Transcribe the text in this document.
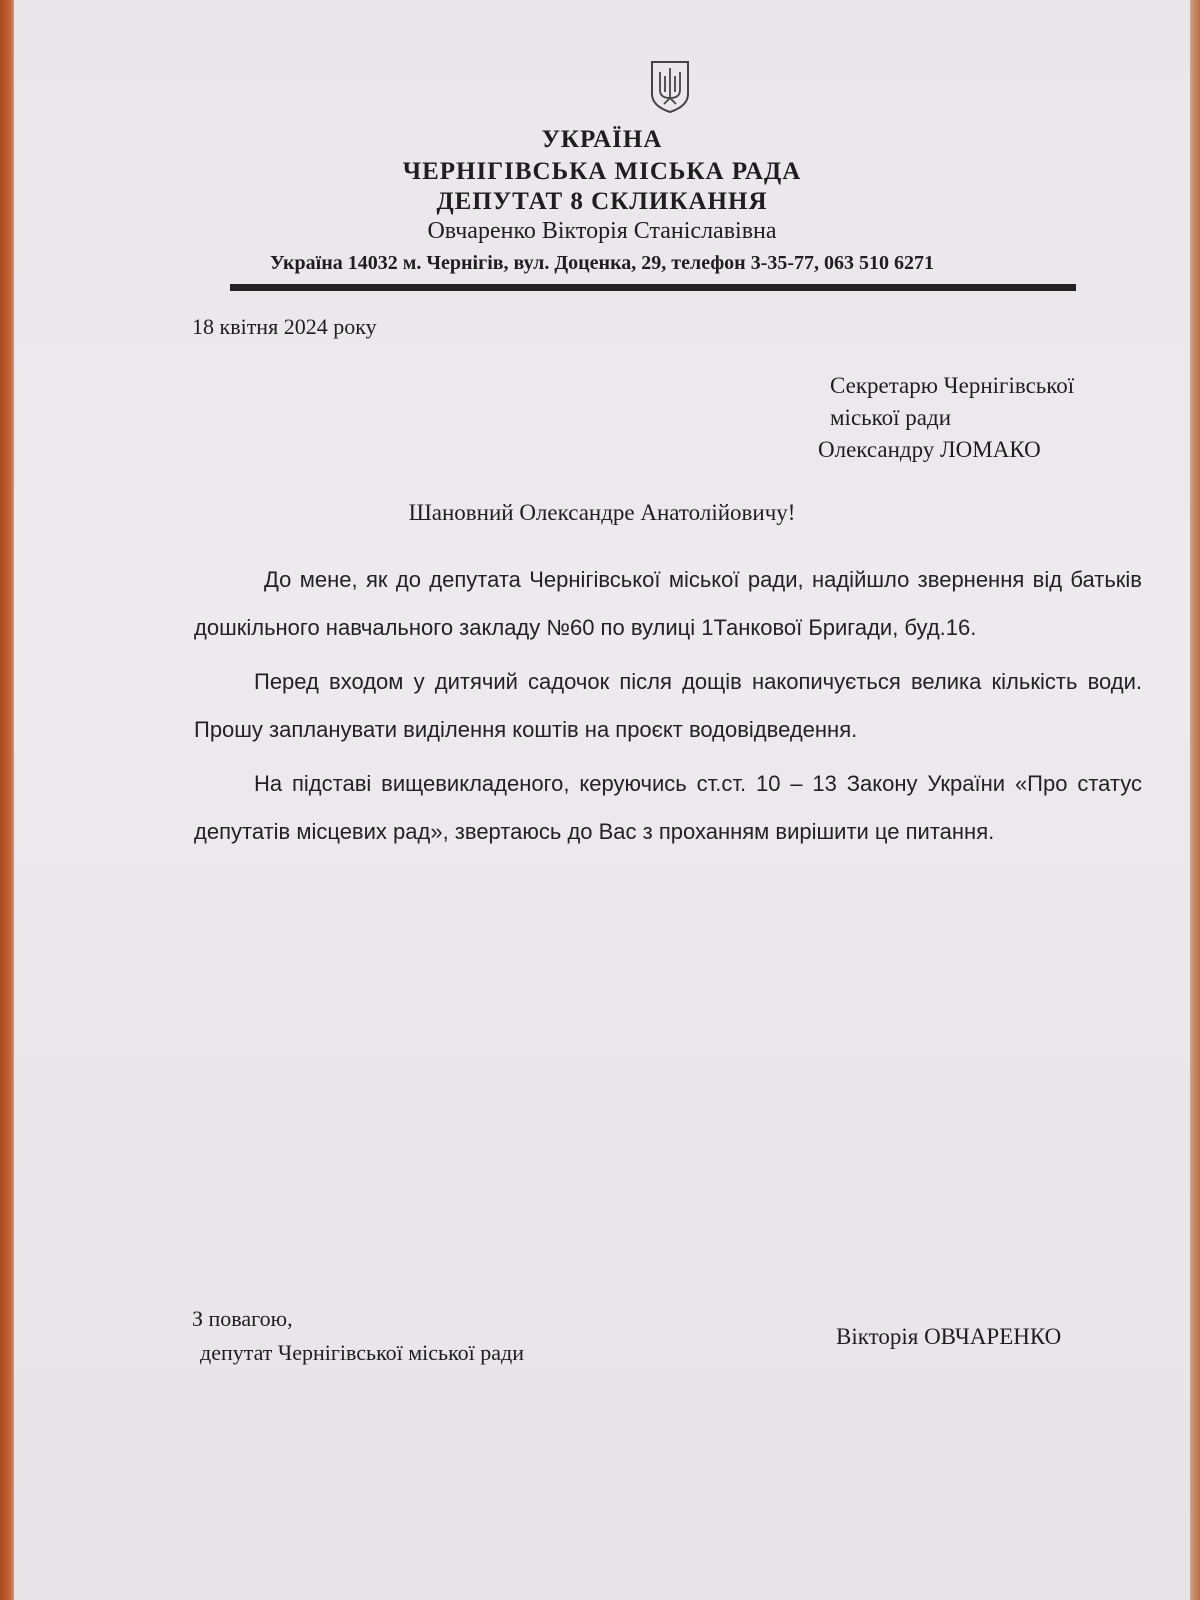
УКРАЇНА
ЧЕРНІГІВСЬКА МІСЬКА РАДА
ДЕПУТАТ 8 СКЛИКАННЯ
Овчаренко Вікторія Станіславівна
Україна 14032 м. Чернігів, вул. Доценка, 29, телефон 3-35-77, 063 510 6271
18 квітня 2024 року
Секретарю Чернігівської
міської ради
Олександру ЛОМАКО
Шановний Олександре Анатолійовичу!

До мене, як до депутата Чернігівської міської ради, надійшло звернення від батьків дошкільного навчального закладу №60 по вулиці 1Танкової Бригади, буд.16.

Перед входом у дитячий садочок після дощів накопичується велика кількість води. Прошу запланувати виділення коштів на проєкт водовідведення.

На підставі вищевикладеного, керуючись ст.ст. 10 – 13 Закону України «Про статус депутатів місцевих рад», звертаюсь до Вас з проханням вирішити це питання.

З повагою,
депутат Чернігівської міської ради
Вікторія ОВЧАРЕНКО
